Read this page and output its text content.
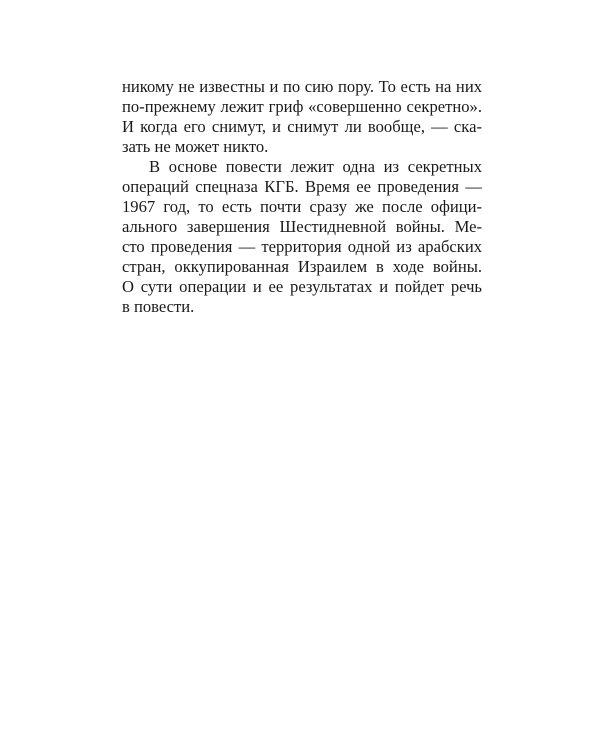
никому не известны и по сию пору. То есть на них
по-прежнему лежит гриф «совершенно секретно».
И когда его снимут, и снимут ли вообще, — ска-
зать не может никто.
В основе повести лежит одна из секретных
операций спецназа КГБ. Время ее проведения —
1967 год, то есть почти сразу же после офици-
ального завершения Шестидневной войны. Ме-
сто проведения — территория одной из арабских
стран, оккупированная Израилем в ходе войны.
О сути операции и ее результатах и пойдет речь
в повести.
